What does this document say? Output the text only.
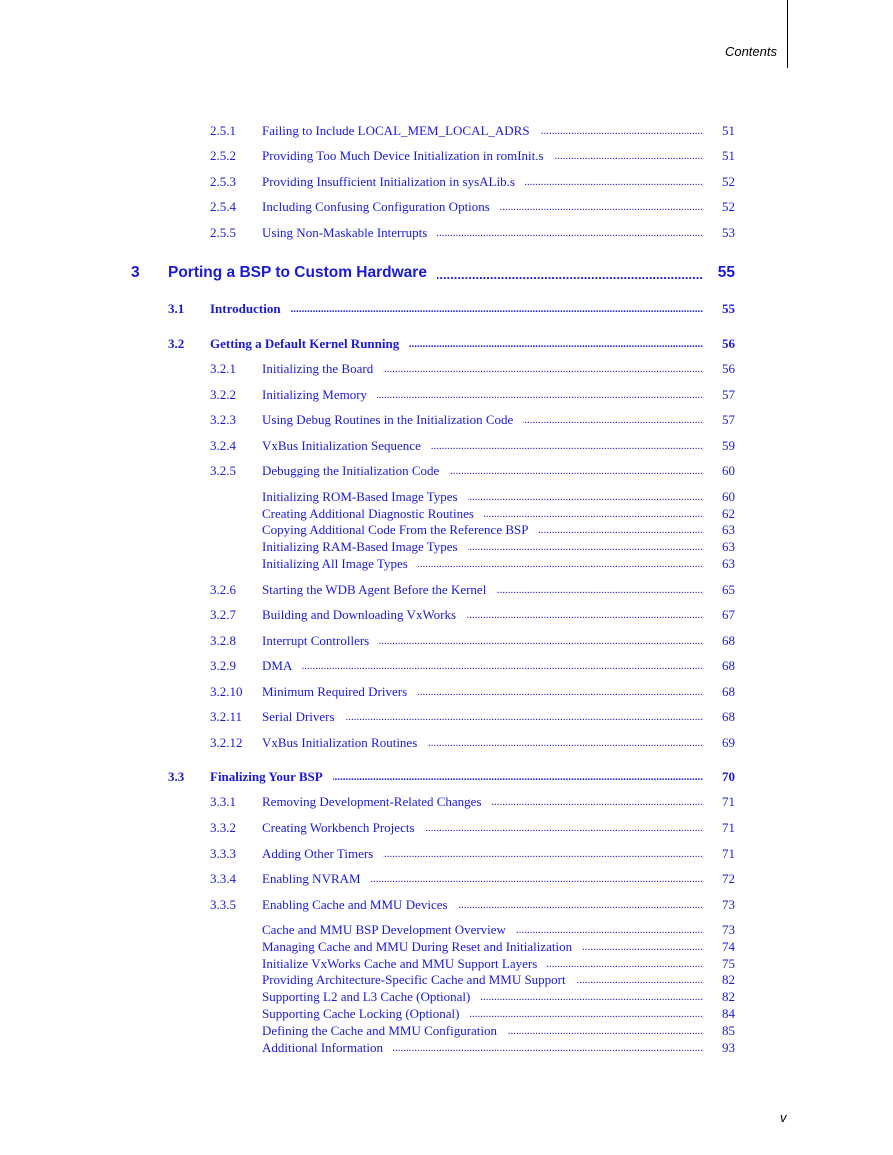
Contents
.....
2.5.1 Failing to Include LOCAL_MEM_LOCAL_ADRS	51
.....
2.5.2 Providing Too Much Device Initialization in romInit.s	51
.....
2.5.3 Providing Insufficient Initialization in sysALib.s	52
.....
2.5.4 Including Confusing Configuration Options	52
.....
2.5.5 Using Non-Maskable Interrupts	53
.....
3 Porting a BSP to Custom Hardware	55
.....
3.1 Introduction	55
.....
3.2 Getting a Default Kernel Running	56
.....
3.2.1 Initializing the Board	56
.....
3.2.2 Initializing Memory	57
.....
3.2.3 Using Debug Routines in the Initialization Code	57
.....
3.2.4 VxBus Initialization Sequence	59
.....
3.2.5 Debugging the Initialization Code	60
.....
Initializing ROM-Based Image Types	60
.....
Creating Additional Diagnostic Routines	62
.....
Copying Additional Code From the Reference BSP	63
.....
Initializing RAM-Based Image Types	63
.....
Initializing All Image Types	63
.....
3.2.6 Starting the WDB Agent Before the Kernel	65
.....
3.2.7 Building and Downloading VxWorks	67
.....
3.2.8 Interrupt Controllers	68
.....
3.2.9 DMA	68
.....
3.2.10 Minimum Required Drivers	68
.....
3.2.11 Serial Drivers	68
.....
3.2.12 VxBus Initialization Routines	69
.....
3.3 Finalizing Your BSP	70
.....
3.3.1 Removing Development-Related Changes	71
.....
3.3.2 Creating Workbench Projects	71
.....
3.3.3 Adding Other Timers	71
.....
3.3.4 Enabling NVRAM	72
.....
3.3.5 Enabling Cache and MMU Devices	73
.....
Cache and MMU BSP Development Overview	73
.....
Managing Cache and MMU During Reset and Initialization	74
.....
Initialize VxWorks Cache and MMU Support Layers	75
.....
Providing Architecture-Specific Cache and MMU Support	82
.....
Supporting L2 and L3 Cache (Optional)	82
.....
Supporting Cache Locking (Optional)	84
.....
Defining the Cache and MMU Configuration	85
.....
Additional Information	93
v
